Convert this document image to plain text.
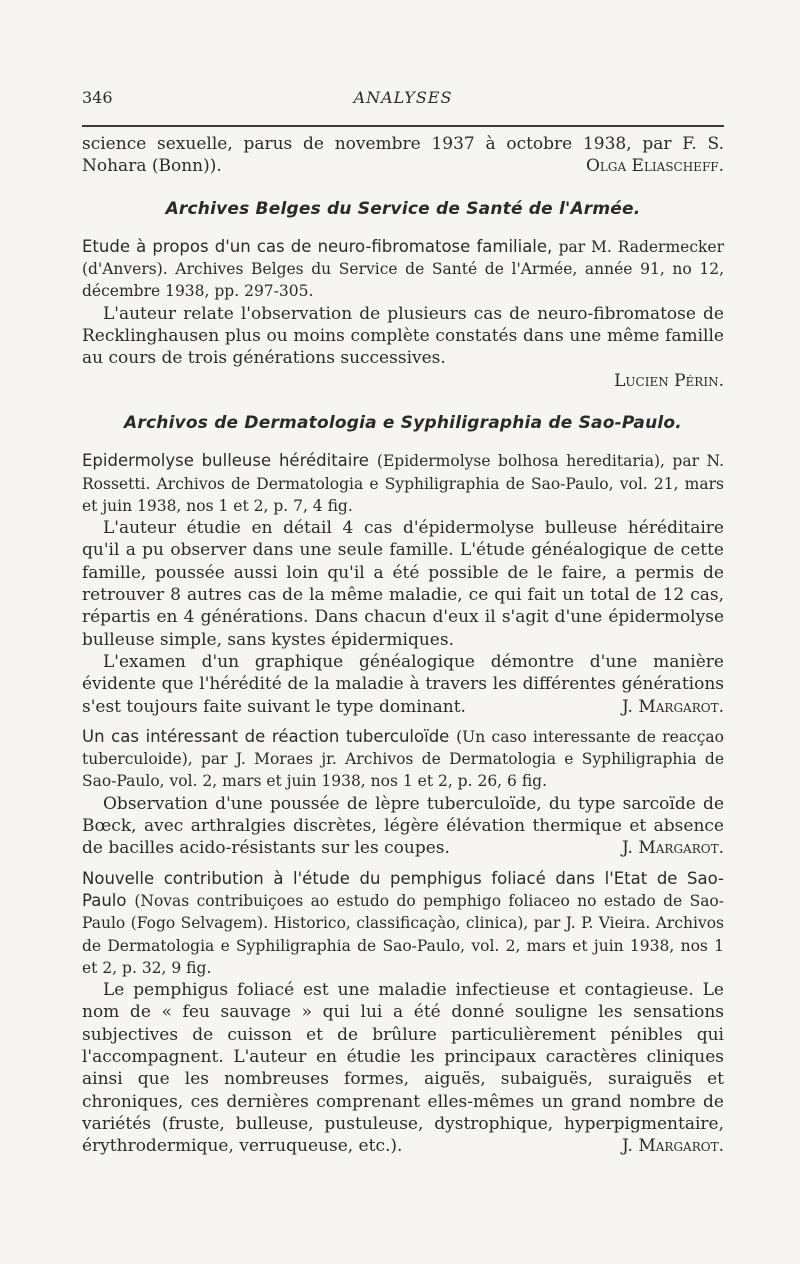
346	ANALYSES

science sexuelle, parus de novembre 1937 à octobre 1938, par F. S. Nohara (Bonn)).	Olga Eliascheff.

Archives Belges du Service de Santé de l'Armée.

Etude à propos d'un cas de neuro-fibromatose familiale, par M. Radermecker (d'Anvers). Archives Belges du Service de Santé de l'Armée, année 91, no 12, décembre 1938, pp. 297-305.

L'auteur relate l'observation de plusieurs cas de neuro-fibromatose de Recklinghausen plus ou moins complète constatés dans une même famille au cours de trois générations successives.

Lucien Périn.

Archivos de Dermatologia e Syphiligraphia de Sao-Paulo.

Epidermolyse bulleuse héréditaire (Epidermolyse bolhosa hereditaria), par N. Rossetti. Archivos de Dermatologia e Syphiligraphia de Sao-Paulo, vol. 21, mars et juin 1938, nos 1 et 2, p. 7, 4 fig.

L'auteur étudie en détail 4 cas d'épidermolyse bulleuse héréditaire qu'il a pu observer dans une seule famille. L'étude généalogique de cette famille, poussée aussi loin qu'il a été possible de le faire, a permis de retrouver 8 autres cas de la même maladie, ce qui fait un total de 12 cas, répartis en 4 générations. Dans chacun d'eux il s'agit d'une épidermolyse bulleuse simple, sans kystes épidermiques.

L'examen d'un graphique généalogique démontre d'une manière évidente que l'hérédité de la maladie à travers les différentes générations s'est toujours faite suivant le type dominant.	J. Margarot.

Un cas intéressant de réaction tuberculoïde (Un caso interessante de reacçao tuberculoide), par J. Moraes jr. Archivos de Dermatologia e Syphiligraphia de Sao-Paulo, vol. 2, mars et juin 1938, nos 1 et 2, p. 26, 6 fig.

Observation d'une poussée de lèpre tuberculoïde, du type sarcoïde de Bœck, avec arthralgies discrètes, légère élévation thermique et absence de bacilles acido-résistants sur les coupes.	J. Margarot.

Nouvelle contribution à l'étude du pemphigus foliacé dans l'Etat de Sao-Paulo (Novas contribuiçoes ao estudo do pemphigo foliaceo no estado de Sao-Paulo (Fogo Selvagem). Historico, classificaçào, clinica), par J. P. Vieira. Archivos de Dermatologia e Syphiligraphia de Sao-Paulo, vol. 2, mars et juin 1938, nos 1 et 2, p. 32, 9 fig.

Le pemphigus foliacé est une maladie infectieuse et contagieuse. Le nom de « feu sauvage » qui lui a été donné souligne les sensations subjectives de cuisson et de brûlure particulièrement pénibles qui l'accompagnent. L'auteur en étudie les principaux caractères cliniques ainsi que les nombreuses formes, aiguës, subaiguës, suraiguës et chroniques, ces dernières comprenant elles-mêmes un grand nombre de variétés (fruste, bulleuse, pustuleuse, dystrophique, hyperpigmentaire, érythrodermique, verruqueuse, etc.).	J. Margarot.
